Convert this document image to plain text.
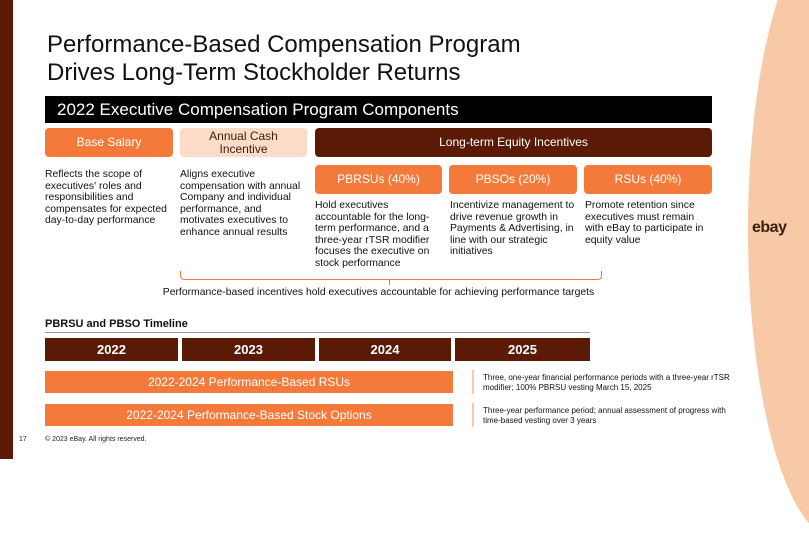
ebay
Performance-Based Compensation Program
Drives Long-Term Stockholder Returns
2022 Executive Compensation Program Components
Base Salary	Annual Cash Incentive	Long-term Equity Incentives
PBRSUs (40%)	PBSOs (20%)	RSUs (40%)
Reflects the scope of executives' roles and responsibilities and compensates for expected day-to-day performance
Aligns executive compensation with annual Company and individual performance, and motivates executives to enhance annual results
Hold executives accountable for the long-term performance, and a three-year rTSR modifier focuses the executive on stock performance
Incentivize management to drive revenue growth in Payments & Advertising, in line with our strategic initiatives
Promote retention since executives must remain with eBay to participate in equity value
Performance-based incentives hold executives accountable for achieving performance targets
PBRSU and PBSO Timeline
2022	2023	2024	2025
2022-2024 Performance-Based RSUs	Three, one-year financial performance periods with a three-year rTSR modifier; 100% PBRSU vesting March 15, 2025
2022-2024 Performance-Based Stock Options	Three-year performance period; annual assessment of progress with time-based vesting over 3 years
17	© 2023 eBay. All rights reserved.
